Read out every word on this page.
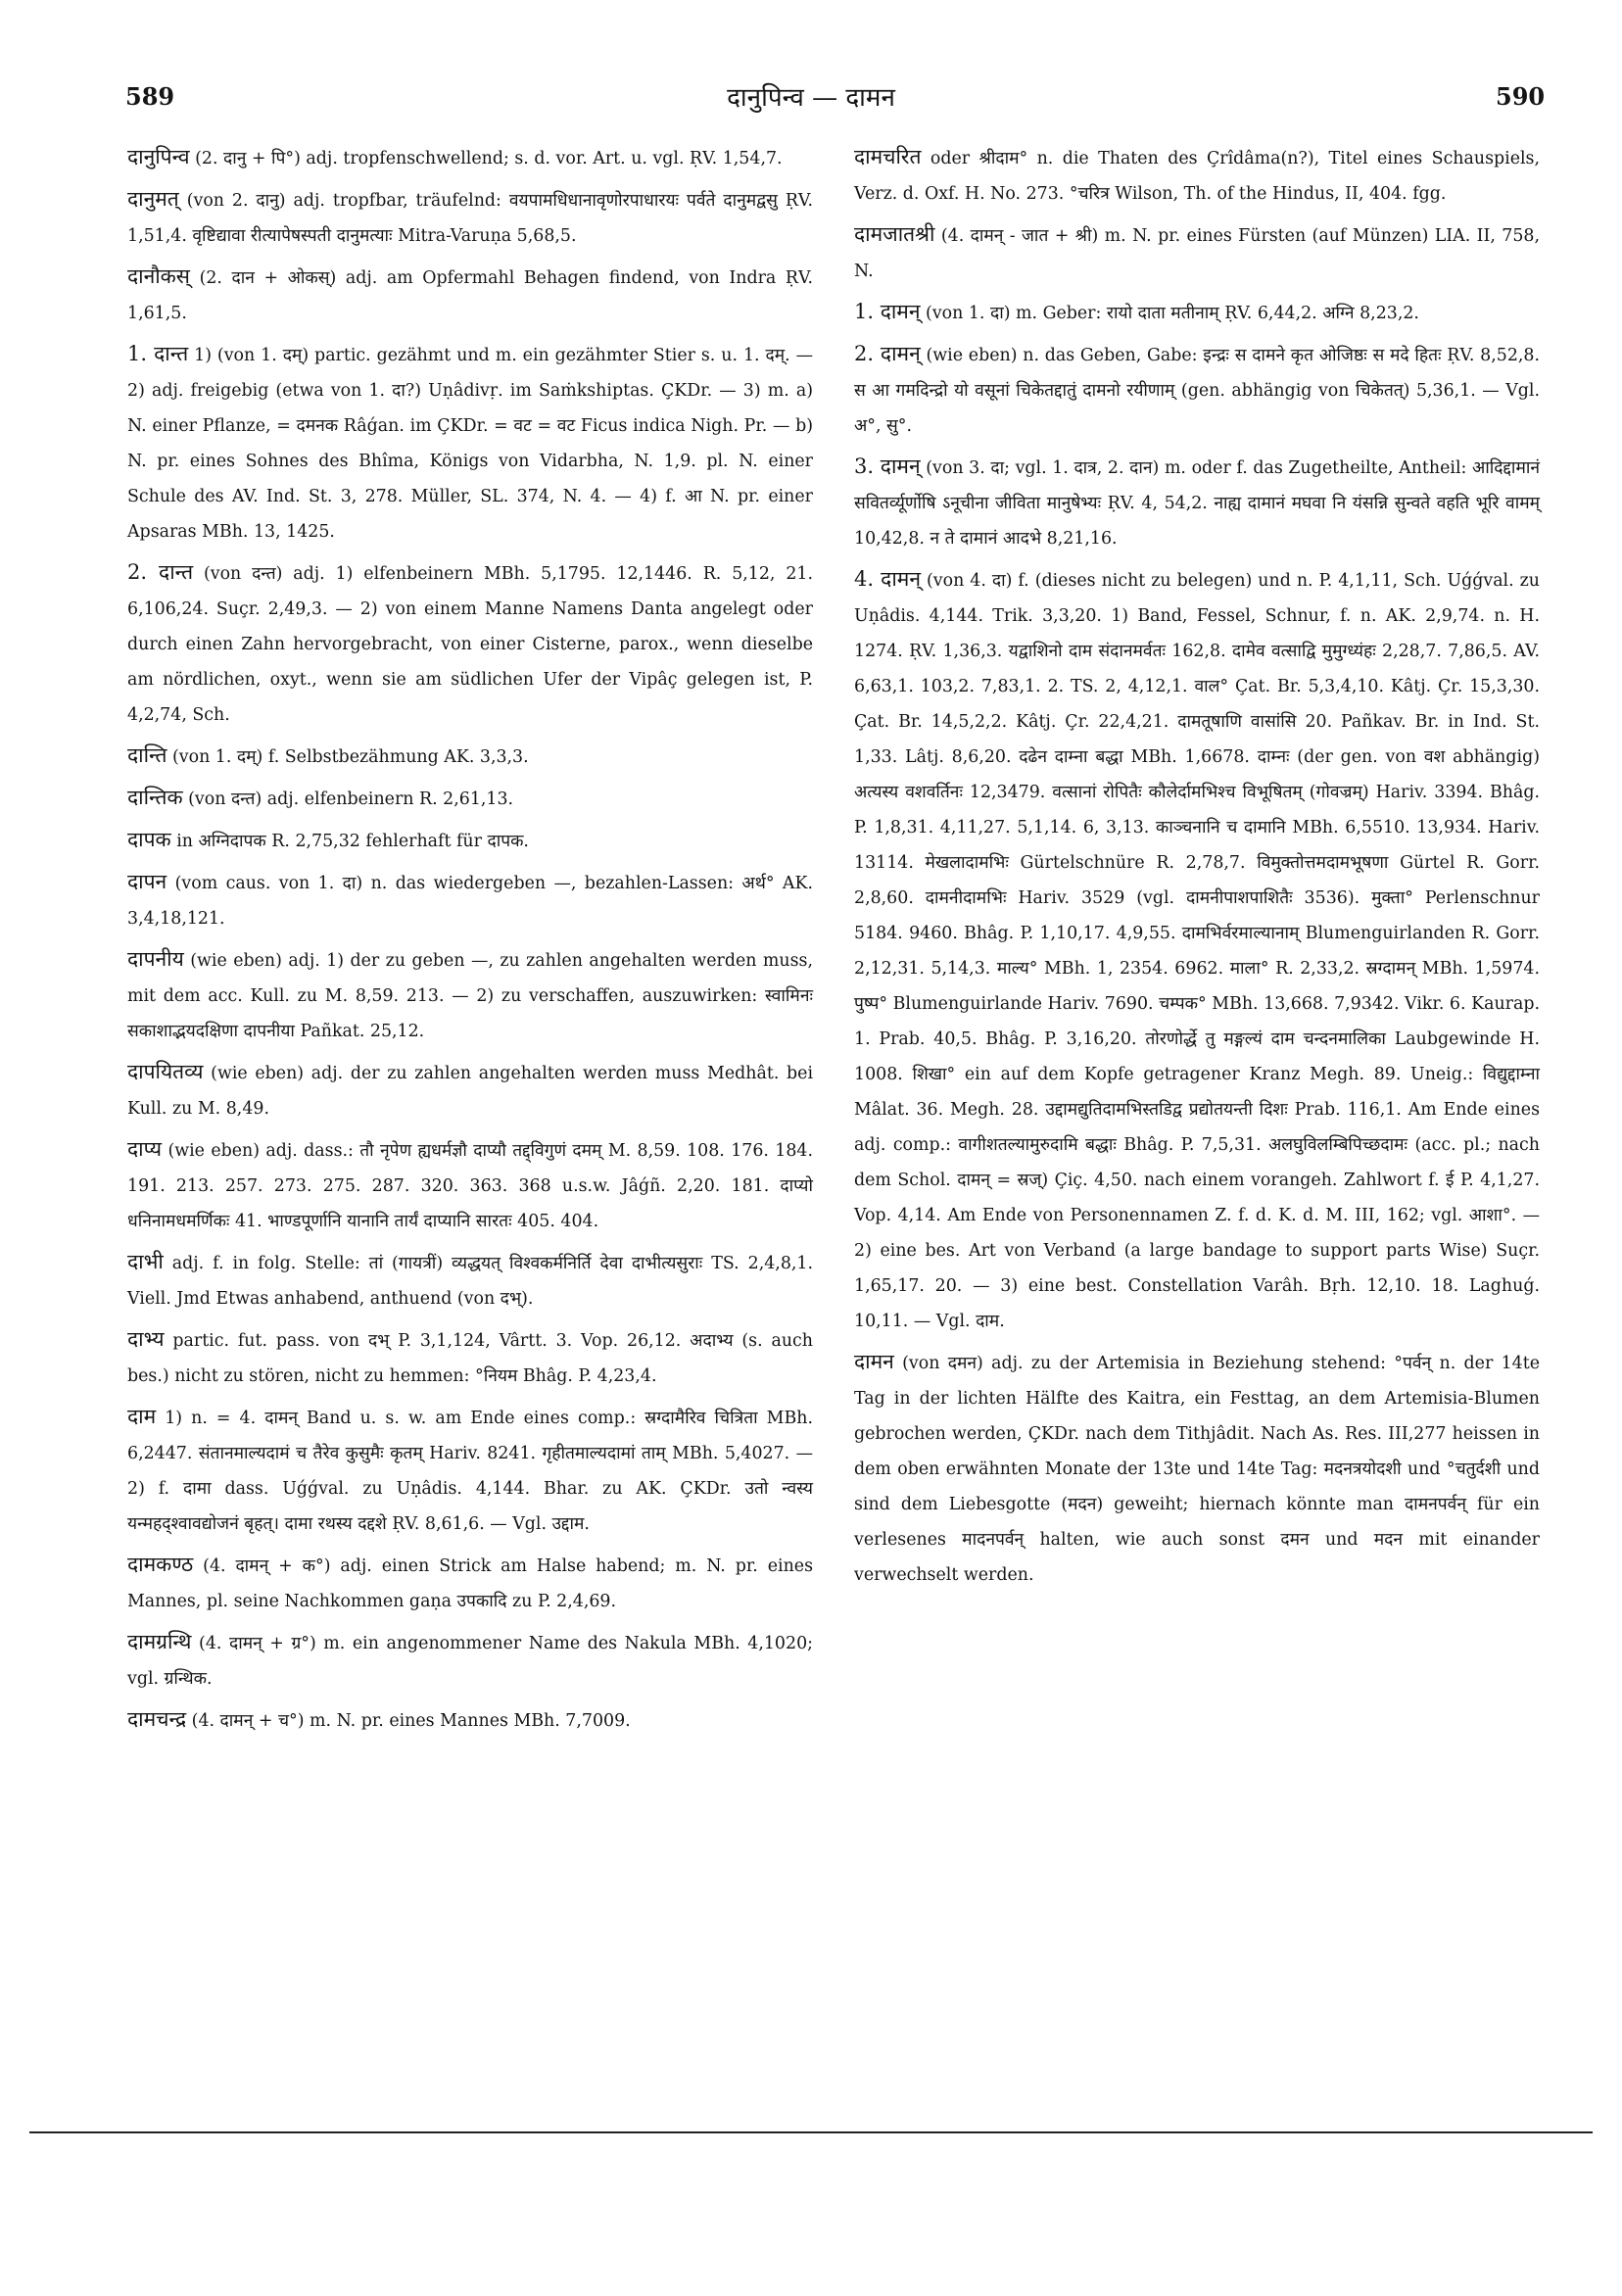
589	दानुपिन्व — दामन	590

दानुपिन्व (2. दानु + पि°) adj. tropfenschwellend; s. d. vor. Art. u. vgl. ṚV. 1,54,7.

दानुमत् (von 2. दानु) adj. tropfbar, träufelnd: वयपामधिधानावृणोरपाधारयः पर्वते दानुमद्वसु ṚV. 1,51,4. वृष्टिद्यावा रीत्यापेषस्पती दानुमत्याः Mitra-Varuṇa 5,68,5.

दानौकस् (2. दान + ओकस्) adj. am Opfermahl Behagen findend, von Indra ṚV. 1,61,5.

1. दान्त 1) (von 1. दम्) partic. gezähmt und m. ein gezähmter Stier s. u. 1. दम्. — 2) adj. freigebig (etwa von 1. दा?) Uṇâdivṛ. im Saṁkshiptas. ÇKDr. — 3) m. a) N. einer Pflanze, = दमनक Râǵan. im ÇKDr. = वट = वट Ficus indica Nigh. Pr. — b) N. pr. eines Sohnes des Bhîma, Königs von Vidarbha, N. 1,9. pl. N. einer Schule des AV. Ind. St. 3, 278. Müller, SL. 374, N. 4. — 4) f. आ N. pr. einer Apsaras MBh. 13, 1425.

2. दान्त (von दन्त) adj. 1) elfenbeinern MBh. 5,1795. 12,1446. R. 5,12, 21. 6,106,24. Suçr. 2,49,3. — 2) von einem Manne Namens Danta angelegt oder durch einen Zahn hervorgebracht, von einer Cisterne, parox., wenn dieselbe am nördlichen, oxyt., wenn sie am südlichen Ufer der Vipâç gelegen ist, P. 4,2,74, Sch.

दान्ति (von 1. दम्) f. Selbstbezähmung AK. 3,3,3.

दान्तिक (von दन्त) adj. elfenbeinern R. 2,61,13.

दापक in अग्निदापक R. 2,75,32 fehlerhaft für दापक.

दापन (vom caus. von 1. दा) n. das wiedergeben —, bezahlen-Lassen: अर्थ° AK. 3,4,18,121.

दापनीय (wie eben) adj. 1) der zu geben —, zu zahlen angehalten werden muss, mit dem acc. Kull. zu M. 8,59. 213. — 2) zu verschaffen, auszuwirken: स्वामिनः सकाशाद्भयदक्षिणा दापनीया Pañkat. 25,12.

दापयितव्य (wie eben) adj. der zu zahlen angehalten werden muss Medhât. bei Kull. zu M. 8,49.

दाप्य (wie eben) adj. dass.: तौ नृपेण ह्यधर्मज्ञौ दाप्यौ तद्द्विगुणं दमम् M. 8,59. 108. 176. 184. 191. 213. 257. 273. 275. 287. 320. 363. 368 u.s.w. Jâǵñ. 2,20. 181. दाप्यो धनिनामधमर्णिकः 41. भाण्डपूर्णानि यानानि तार्यं दाप्यानि सारतः 405. 404.

दाभी adj. f. in folg. Stelle: तां (गायत्रीं) व्यद्धयत् विश्वकर्मनिर्ति देवा दाभीत्यसुराः TS. 2,4,8,1. Viell. Jmd Etwas anhabend, anthuend (von दभ्).

दाभ्य partic. fut. pass. von दभ् P. 3,1,124, Vârtt. 3. Vop. 26,12. अदाभ्य (s. auch bes.) nicht zu stören, nicht zu hemmen: °नियम Bhâg. P. 4,23,4.

दाम 1) n. = 4. दामन् Band u. s. w. am Ende eines comp.: स्रग्दामैरिव चित्रिता MBh. 6,2447. संतानमाल्यदामं च तैरेव कुसुमैः कृतम् Hariv. 8241. गृहीतमाल्यदामां ताम् MBh. 5,4027. — 2) f. दामा dass. Uǵǵval. zu Uṇâdis. 4,144. Bhar. zu AK. ÇKDr. उतो न्वस्य यन्महद्श्वावद्योजनं बृहत्। दामा रथस्य दद्दशे ṚV. 8,61,6. — Vgl. उद्दाम.

दामकण्ठ (4. दामन् + क°) adj. einen Strick am Halse habend; m. N. pr. eines Mannes, pl. seine Nachkommen gaṇa उपकादि zu P. 2,4,69.

दामग्रन्थि (4. दामन् + ग्र°) m. ein angenommener Name des Nakula MBh. 4,1020; vgl. ग्रन्थिक.

दामचन्द्र (4. दामन् + च°) m. N. pr. eines Mannes MBh. 7,7009.

दामचरित oder श्रीदाम° n. die Thaten des Çrîdâma(n?), Titel eines Schauspiels, Verz. d. Oxf. H. No. 273. °चरित्र Wilson, Th. of the Hindus, II, 404. fgg.

दामजातश्री (4. दामन् - जात + श्री) m. N. pr. eines Fürsten (auf Münzen) LIA. II, 758, N.

1. दामन् (von 1. दा) m. Geber: रायो दाता मतीनाम् ṚV. 6,44,2. अग्नि 8,23,2.

2. दामन् (wie eben) n. das Geben, Gabe: इन्द्रः स दामने कृत ओजिष्ठः स मदे हितः ṚV. 8,52,8. स आ गमदिन्द्रो यो वसूनां चिकेतद्दातुं दामनो रयीणाम् (gen. abhängig von चिकेतत्) 5,36,1. — Vgl. अ°, सु°.

3. दामन् (von 3. दा; vgl. 1. दात्र, 2. दान) m. oder f. das Zugetheilte, Antheil: आदिद्दामानं सवितर्व्यूर्णोषि ऽनूचीना जीविता मानुषेभ्यः ṚV. 4, 54,2. नाह्य दामानं मघवा नि यंसन्नि सुन्वते वहति भूरि वामम् 10,42,8. न ते दामानं आदभे 8,21,16.

4. दामन् (von 4. दा) f. (dieses nicht zu belegen) und n. P. 4,1,11, Sch. Uǵǵval. zu Uṇâdis. 4,144. Trik. 3,3,20. 1) Band, Fessel, Schnur, f. n. AK. 2,9,74. n. H. 1274. ṚV. 1,36,3. यद्वाशिनो दाम संदानमर्वतः 162,8. दामेव वत्साद्वि मुमुग्ध्यंहः 2,28,7. 7,86,5. AV. 6,63,1. 103,2. 7,83,1. 2. TS. 2, 4,12,1. वाल° Çat. Br. 5,3,4,10. Kâtj. Çr. 15,3,30. Çat. Br. 14,5,2,2. Kâtj. Çr. 22,4,21. दामतूषाणि वासांसि 20. Pañkav. Br. in Ind. St. 1,33. Lâtj. 8,6,20. दढेन दाम्ना बद्धा MBh. 1,6678. दाम्नः (der gen. von वश abhängig) अत्यस्य वशवर्तिनः 12,3479. वत्सानां रोपितैः कौलेर्दामभिश्च विभूषितम् (गोवज्रम्) Hariv. 3394. Bhâg. P. 1,8,31. 4,11,27. 5,1,14. 6, 3,13. काञ्चनानि च दामानि MBh. 6,5510. 13,934. Hariv. 13114. मेखलादामभिः Gürtelschnüre R. 2,78,7. विमुक्तोत्तमदामभूषणा Gürtel R. Gorr. 2,8,60. दामनीदामभिः Hariv. 3529 (vgl. दामनीपाशपाशितैः 3536). मुक्ता° Perlenschnur 5184. 9460. Bhâg. P. 1,10,17. 4,9,55. दामभिर्वरमाल्यानाम् Blumenguirlanden R. Gorr. 2,12,31. 5,14,3. माल्य° MBh. 1, 2354. 6962. माला° R. 2,33,2. स्रग्दामन् MBh. 1,5974. पुष्प° Blumenguirlande Hariv. 7690. चम्पक° MBh. 13,668. 7,9342. Vikr. 6. Kaurap. 1. Prab. 40,5. Bhâg. P. 3,16,20. तोरणोर्द्धे तु मङ्गल्यं दाम चन्दनमालिका Laubgewinde H. 1008. शिखा° ein auf dem Kopfe getragener Kranz Megh. 89. Uneig.: विद्युद्दाम्ना Mâlat. 36. Megh. 28. उद्दामद्युतिदामभिस्तडिद्व प्रद्योतयन्ती दिशः Prab. 116,1. Am Ende eines adj. comp.: वागीशतल्यामुरुदामि बद्धाः Bhâg. P. 7,5,31. अलघुविलम्बिपिच्छदामः (acc. pl.; nach dem Schol. दामन् = स्रज्) Çiç. 4,50. nach einem vorangeh. Zahlwort f. ई P. 4,1,27. Vop. 4,14. Am Ende von Personennamen Z. f. d. K. d. M. III, 162; vgl. आशा°. — 2) eine bes. Art von Verband (a large bandage to support parts Wise) Suçr. 1,65,17. 20. — 3) eine best. Constellation Varâh. Bṛh. 12,10. 18. Laghuǵ. 10,11. — Vgl. दाम.

दामन (von दमन) adj. zu der Artemisia in Beziehung stehend: °पर्वन् n. der 14te Tag in der lichten Hälfte des Kaitra, ein Festtag, an dem Artemisia-Blumen gebrochen werden, ÇKDr. nach dem Tithjâdit. Nach As. Res. III,277 heissen in dem oben erwähnten Monate der 13te und 14te Tag: मदनत्रयोदशी und °चतुर्दशी und sind dem Liebesgotte (मदन) geweiht; hiernach könnte man दामनपर्वन् für ein verlesenes मादनपर्वन् halten, wie auch sonst दमन und मदन mit einander verwechselt werden.
